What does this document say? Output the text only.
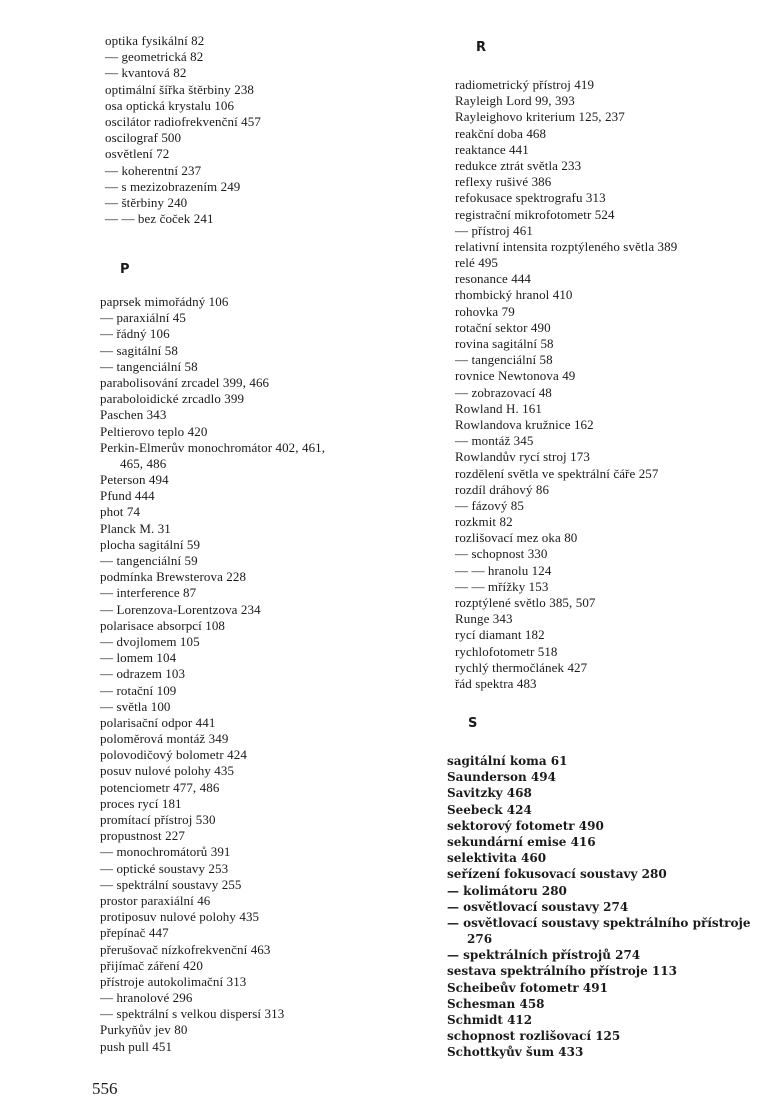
optika fysikální 82
— geometrická 82
— kvantová 82
optimální šířka štěrbiny 238
osa optická krystalu 106
oscilátor radiofrekvenční 457
oscilograf 500
osvětlení 72
— koherentní 237
— s mezizobrazením 249
— štěrbiny 240
— — bez čoček 241
P
paprsek mimořádný 106
— paraxiální 45
— řádný 106
— sagitální 58
— tangenciální 58
parabolisování zrcadel 399, 466
paraboloidické zrcadlo 399
Paschen 343
Peltierovo teplo 420
Perkin-Elmerův monochromátor 402, 461,
465, 486
Peterson 494
Pfund 444
phot 74
Planck M. 31
plocha sagitální 59
— tangenciální 59
podmínka Brewsterova 228
— interference 87
— Lorenzova-Lorentzova 234
polarisace absorpcí 108
— dvojlomem 105
— lomem 104
— odrazem 103
— rotační 109
— světla 100
polarisační odpor 441
poloměrová montáž 349
polovodičový bolometr 424
posuv nulové polohy 435
potenciometr 477, 486
proces rycí 181
promítací přístroj 530
propustnost 227
— monochromátorů 391
— optické soustavy 253
— spektrální soustavy 255
prostor paraxiální 46
protiposuv nulové polohy 435
přepínač 447
přerušovač nízkofrekvenční 463
přijímač záření 420
přístroje autokolimační 313
— hranolové 296
— spektrální s velkou dispersí 313
Purkyňův jev 80
push pull 451
R
radiometrický přístroj 419
Rayleigh Lord 99, 393
Rayleighovo kriterium 125, 237
reakční doba 468
reaktance 441
redukce ztrát světla 233
reflexy rušivé 386
refokusace spektrografu 313
registrační mikrofotometr 524
— přístroj 461
relativní intensita rozptýleného světla 389
relé 495
resonance 444
rhombický hranol 410
rohovka 79
rotační sektor 490
rovina sagitální 58
— tangenciální 58
rovnice Newtonova 49
— zobrazovací 48
Rowland H. 161
Rowlandova kružnice 162
— montáž 345
Rowlandův rycí stroj 173
rozdělení světla ve spektrální čáře 257
rozdíl dráhový 86
— fázový 85
rozkmit 82
rozlišovací mez oka 80
— schopnost 330
— — hranolu 124
— — mřížky 153
rozptýlené světlo 385, 507
Runge 343
rycí diamant 182
rychlofotometr 518
rychlý thermočlánek 427
řád spektra 483
S
sagitální koma 61
Saunderson 494
Savitzky 468
Seebeck 424
sektorový fotometr 490
sekundární emise 416
selektivita 460
seřízení fokusovací soustavy 280
— kolimátoru 280
— osvětlovací soustavy 274
— osvětlovací soustavy spektrálního přístroje
276
— spektrálních přístrojů 274
sestava spektrálního přístroje 113
Scheibeův fotometr 491
Schesman 458
Schmidt 412
schopnost rozlišovací 125
Schottkyův šum 433
556
